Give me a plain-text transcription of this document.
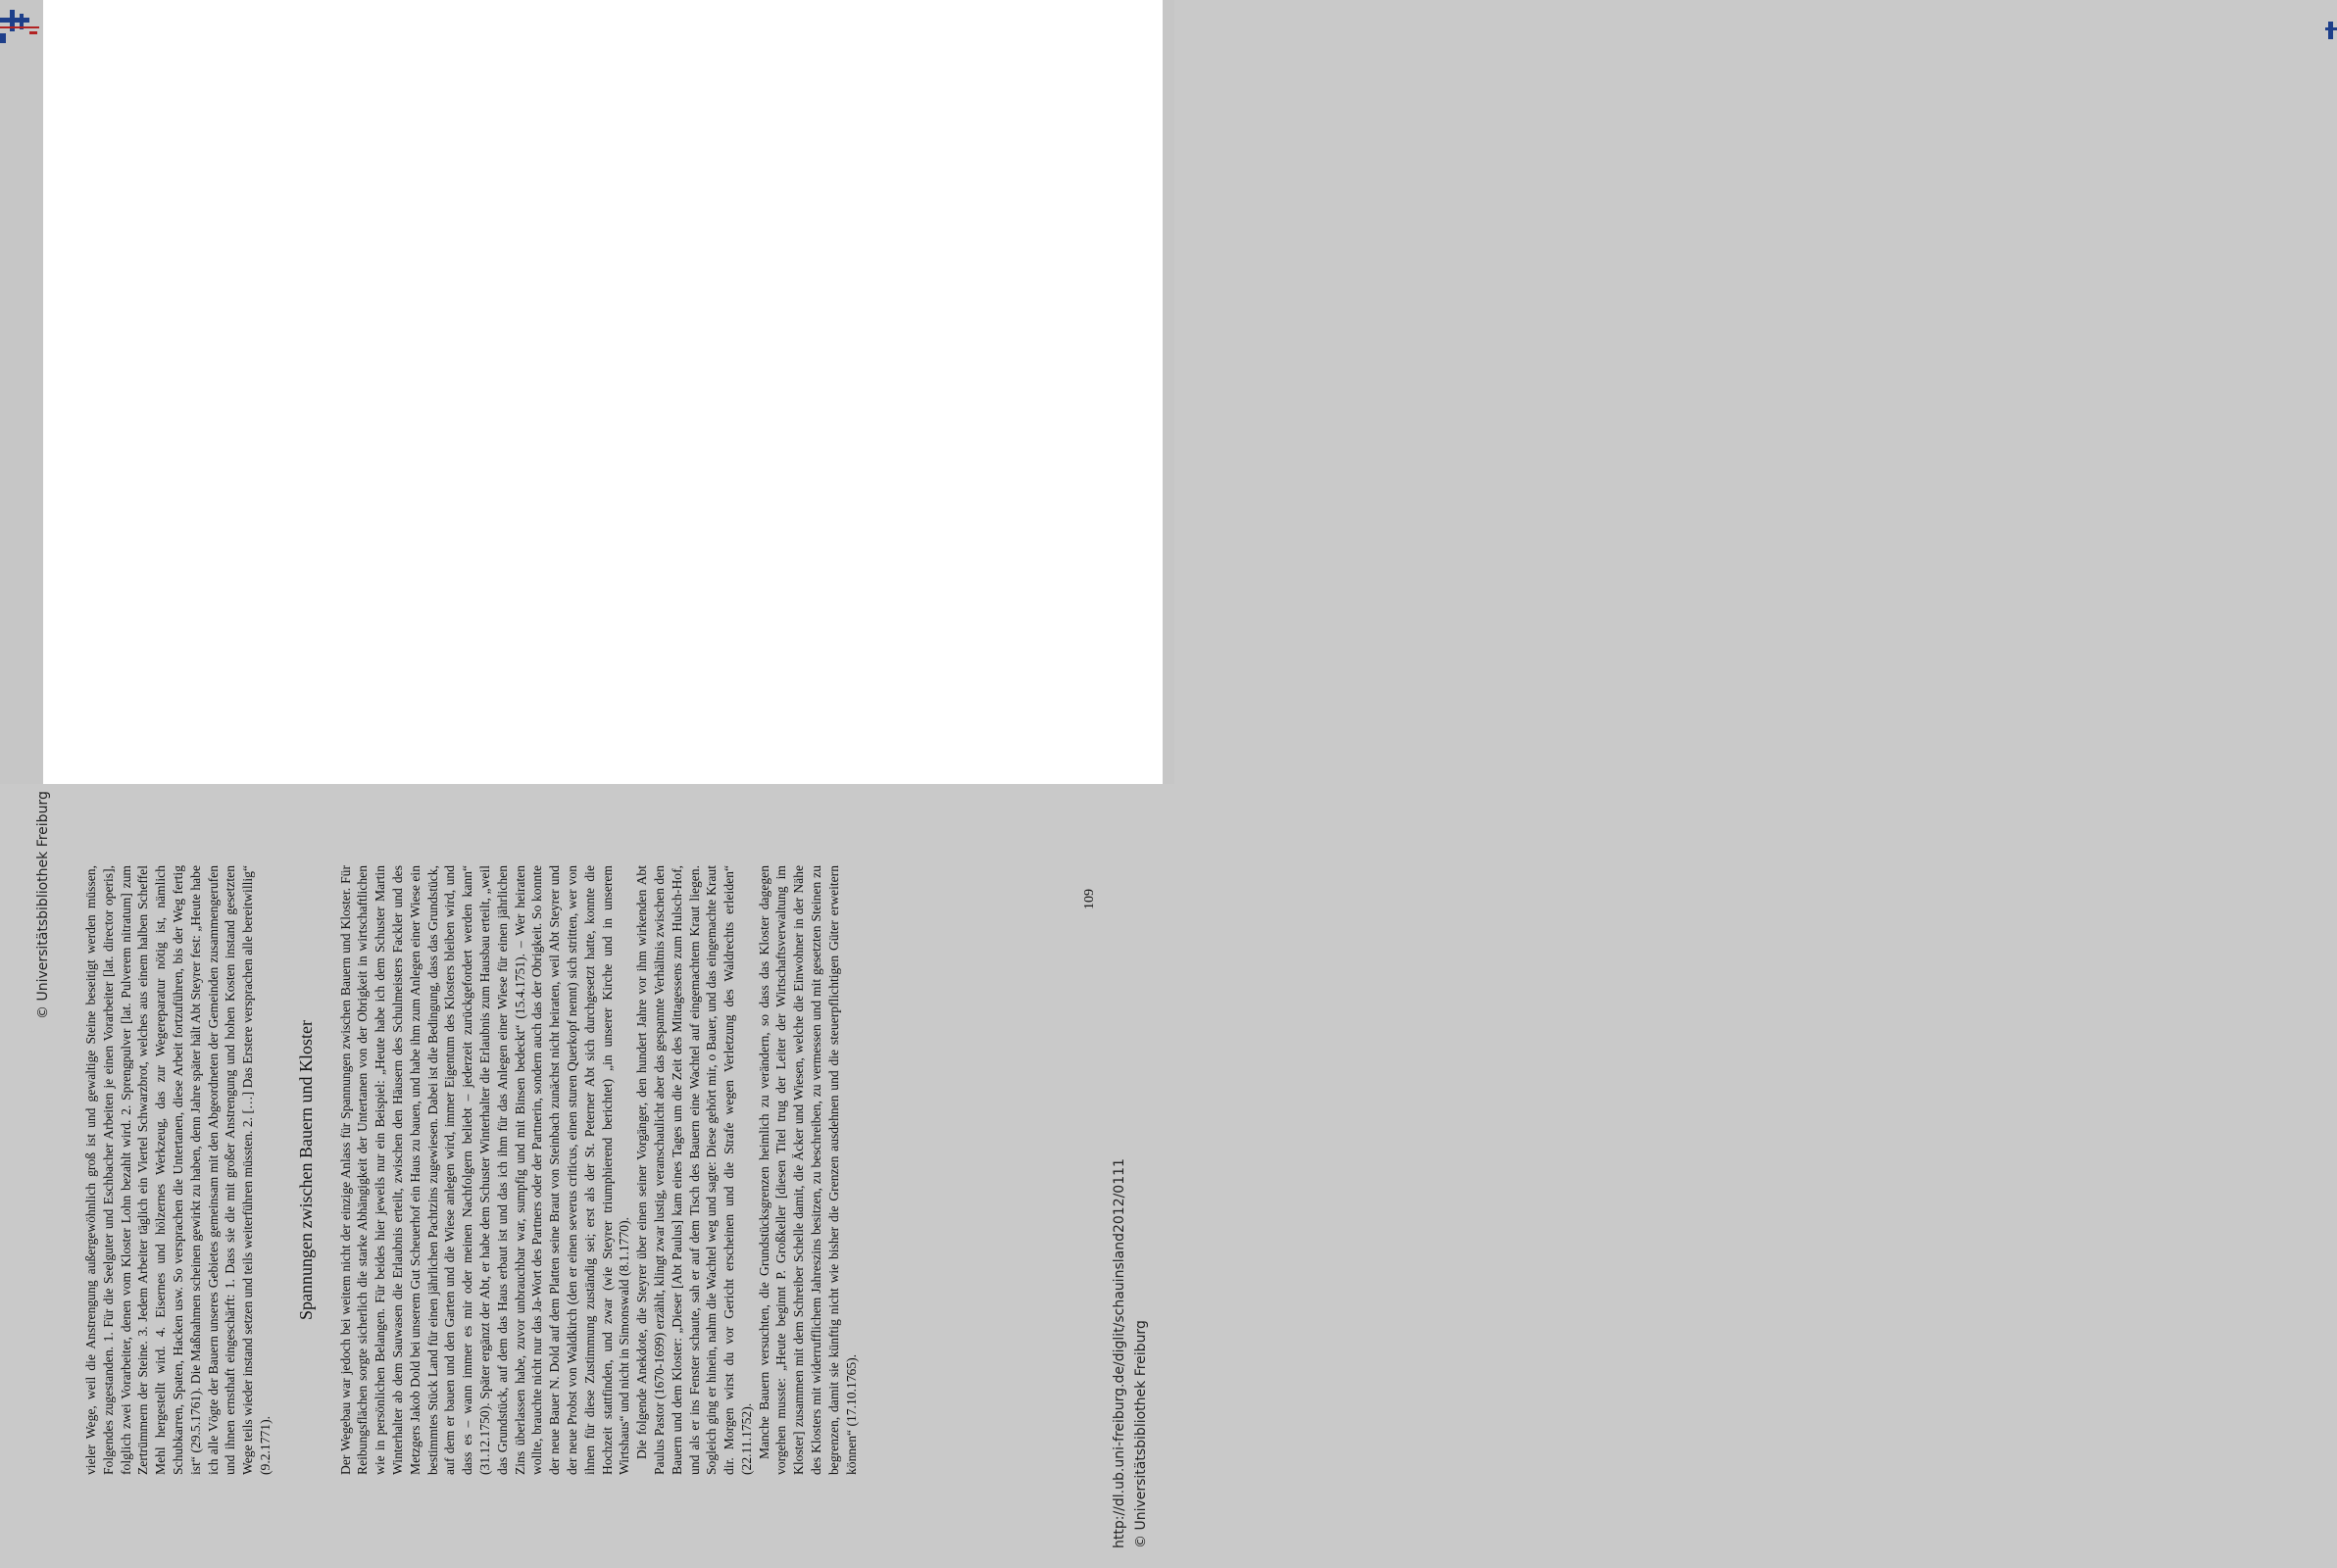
© Universitätsbibliothek Freiburg vieler Wege, weil die Anstrengung außergewöhnlich groß ist und gewaltige Steine beseitigt werden müssen, Folgendes zugestanden. 1. Für die Seelguter und Eschbacher Arbeiten je einen Vorarbeiter [lat. director operis], folglich zwei Vorarbeiter, denen vom Kloster Lohn bezahlt wird. 2. Sprengpulver [lat. Pulverem nitratum] zum Zertrümmern der Steine. 3. Jedem Arbeiter täglich ein Viertel Schwarzbrot, welches aus einem halben Scheffel Mehl hergestellt wird. 4. Eisernes und hölzernes Werkzeug, das zur Wegereparatur nötig ist, nämlich Schubkarren, Spaten, Hacken usw. So versprachen die Untertanen, diese Arbeit fortzuführen, bis der Weg fertig ist“ (29.5.1761). Die Maßnahmen scheinen gewirkt zu haben, denn Jahre später hält Abt Steyrer fest: „Heute habe ich alle Vögte der Bauern unseres Gebietes gemeinsam mit den Abgeordneten der Gemeinden zusammengerufen und ihnen ernsthaft eingeschärft: 1. Dass sie die mit großer Anstrengung und hohen Kosten instand gesetzten Wege teils wieder instand setzen und teils weiterführen müssten. 2. […] Das Erstere versprachen alle bereitwillig“ (9.2.1771).

Spannungen zwischen Bauern und Kloster Der Wegebau war jedoch bei weitem nicht der einzige Anlass für Spannungen zwischen Bauern und Kloster. Für Reibungsflächen sorgte sicherlich die starke Abhängigkeit der Untertanen von der Obrigkeit in wirtschaftlichen wie in persönlichen Belangen. Für beides hier jeweils nur ein Beispiel: „Heute habe ich dem Schuster Martin Winterhalter ab dem Sauwasen die Erlaubnis erteilt, zwischen den Häusern des Schulmeisters Fackler und des Metzgers Jakob Dold bei unserem Gut Scheuerhof ein Haus zu bauen, und habe ihm zum Anlegen einer Wiese ein bestimmtes Stück Land für einen jährlichen Pachtzins zugewiesen. Dabei ist die Bedingung, dass das Grundstück, auf dem er bauen und den Garten und die Wiese anlegen wird, immer Eigentum des Klosters bleiben wird, und dass es – wann immer es mir oder meinen Nachfolgern beliebt – jederzeit zurückgefordert werden kann“ (31.12.1750). Später ergänzt der Abt, er habe dem Schuster Winterhalter die Erlaubnis zum Hausbau erteilt, „weil das Grundstück, auf dem das Haus erbaut ist und das ich ihm für das Anlegen einer Wiese für einen jährlichen Zins überlassen habe, zuvor unbrauchbar war, sumpfig und mit Binsen bedeckt“ (15.4.1751). – Wer heiraten wollte, brauchte nicht nur das Ja-Wort des Partners oder der Partnerin, sondern auch das der Obrigkeit. So konnte der neue Bauer N. Dold auf dem Platten seine Braut von Steinbach zunächst nicht heiraten, weil Abt Steyrer und der neue Probst von Waldkirch (den er einen severus criticus, einen sturen Querkopf nennt) sich stritten, wer von ihnen für diese Zustimmung zuständig sei; erst als der St. Peterner Abt sich durchgesetzt hatte, konnte die Hochzeit stattfinden, und zwar (wie Steyrer triumphierend berichtet) „in unserer Kirche und in unserem Wirtshaus“ und nicht in Simonswald (8.1.1770). Die folgende Anekdote, die Steyrer über einen seiner Vorgänger, den hundert Jahre vor ihm wirkenden Abt Paulus Pastor (1670-1699) erzählt, klingt zwar lustig, veranschaulicht aber das gespannte Verhältnis zwischen den Bauern und dem Kloster: „Dieser [Abt Paulus] kam eines Tages um die Zeit des Mittagessens zum Hulsch-Hof, und als er ins Fenster schaute, sah er auf dem Tisch des Bauern eine Wachtel auf eingemachtem Kraut liegen. Sogleich ging er hinein, nahm die Wachtel weg und sagte: Diese gehört mir, o Bauer, und das eingemachte Kraut dir. Morgen wirst du vor Gericht erscheinen und die Strafe wegen Verletzung des Waldrechts erleiden“ (22.11.1752). Manche Bauern versuchten, die Grundstücksgrenzen heimlich zu verändern, so dass das Kloster dagegen vorgehen musste: „Heute beginnt P. Großkeller [diesen Titel trug der Leiter der Wirtschaftsverwaltung im Kloster] zusammen mit dem Schreiber Schelle damit, die Äcker und Wiesen, welche die Einwohner in der Nähe des Klosters mit widerrufflichem Jahreszins besitzen, zu beschreiben, zu vermessen und mit gesetzten Steinen zu begrenzen, damit sie künftig nicht wie bisher die Grenzen ausdehnen und die steuerpflichtigen Güter erweitern können“ (17.10.1765).

109
http://dl.ub.uni-freiburg.de/diglit/schauinsland2012/0111 © Universitätsbibliothek Freiburg
